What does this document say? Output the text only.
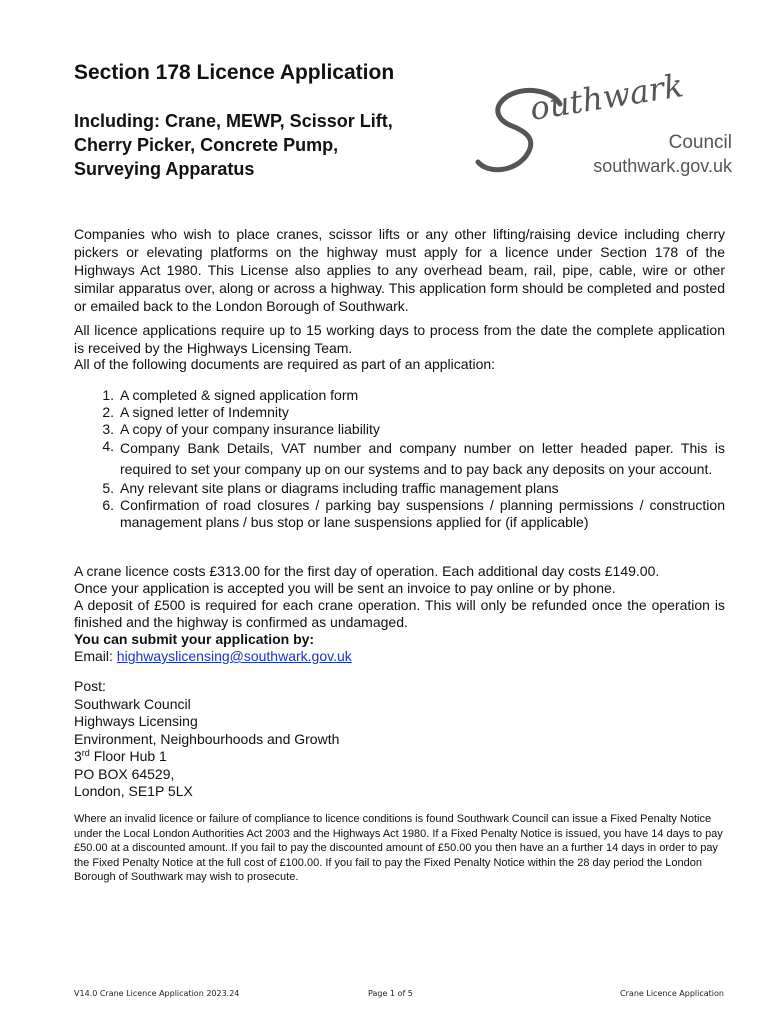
Section 178 Licence Application
Including: Crane, MEWP, Scissor Lift,
Cherry Picker, Concrete Pump,
Surveying Apparatus
outhwark
Council
southwark.gov.uk

Companies who wish to place cranes, scissor lifts or any other lifting/raising device including cherry pickers or elevating platforms on the highway must apply for a licence under Section 178 of the Highways Act 1980. This License also applies to any overhead beam, rail, pipe, cable, wire or other similar apparatus over, along or across a highway. This application form should be completed and posted or emailed back to the London Borough of Southwark.

All licence applications require up to 15 working days to process from the date the complete application is received by the Highways Licensing Team.

All of the following documents are required as part of an application:

1. A completed & signed application form
2. A signed letter of Indemnity
3. A copy of your company insurance liability
4. Company Bank Details, VAT number and company number on letter headed paper. This is required to set your company up on our systems and to pay back any deposits on your account.
5. Any relevant site plans or diagrams including traffic management plans
6. Confirmation of road closures / parking bay suspensions / planning permissions / construction management plans / bus stop or lane suspensions applied for (if applicable)

A crane licence costs £313.00 for the first day of operation. Each additional day costs £149.00.

Once your application is accepted you will be sent an invoice to pay online or by phone.

A deposit of £500 is required for each crane operation. This will only be refunded once the operation is finished and the highway is confirmed as undamaged.

You can submit your application by:

Email: highwayslicensing@southwark.gov.uk

Post:

Southwark Council

Highways Licensing

Environment, Neighbourhoods and Growth

3rd Floor Hub 1

PO BOX 64529,

London, SE1P 5LX

Where an invalid licence or failure of compliance to licence conditions is found Southwark Council can issue a Fixed Penalty Notice under the Local London Authorities Act 2003 and the Highways Act 1980. If a Fixed Penalty Notice is issued, you have 14 days to pay £50.00 at a discounted amount. If you fail to pay the discounted amount of £50.00 you then have an a further 14 days in order to pay the Fixed Penalty Notice at the full cost of £100.00. If you fail to pay the Fixed Penalty Notice within the 28 day period the London Borough of Southwark may wish to prosecute.

V14.0 Crane Licence Application 2023.24	Page 1 of 5	Crane Licence Application
